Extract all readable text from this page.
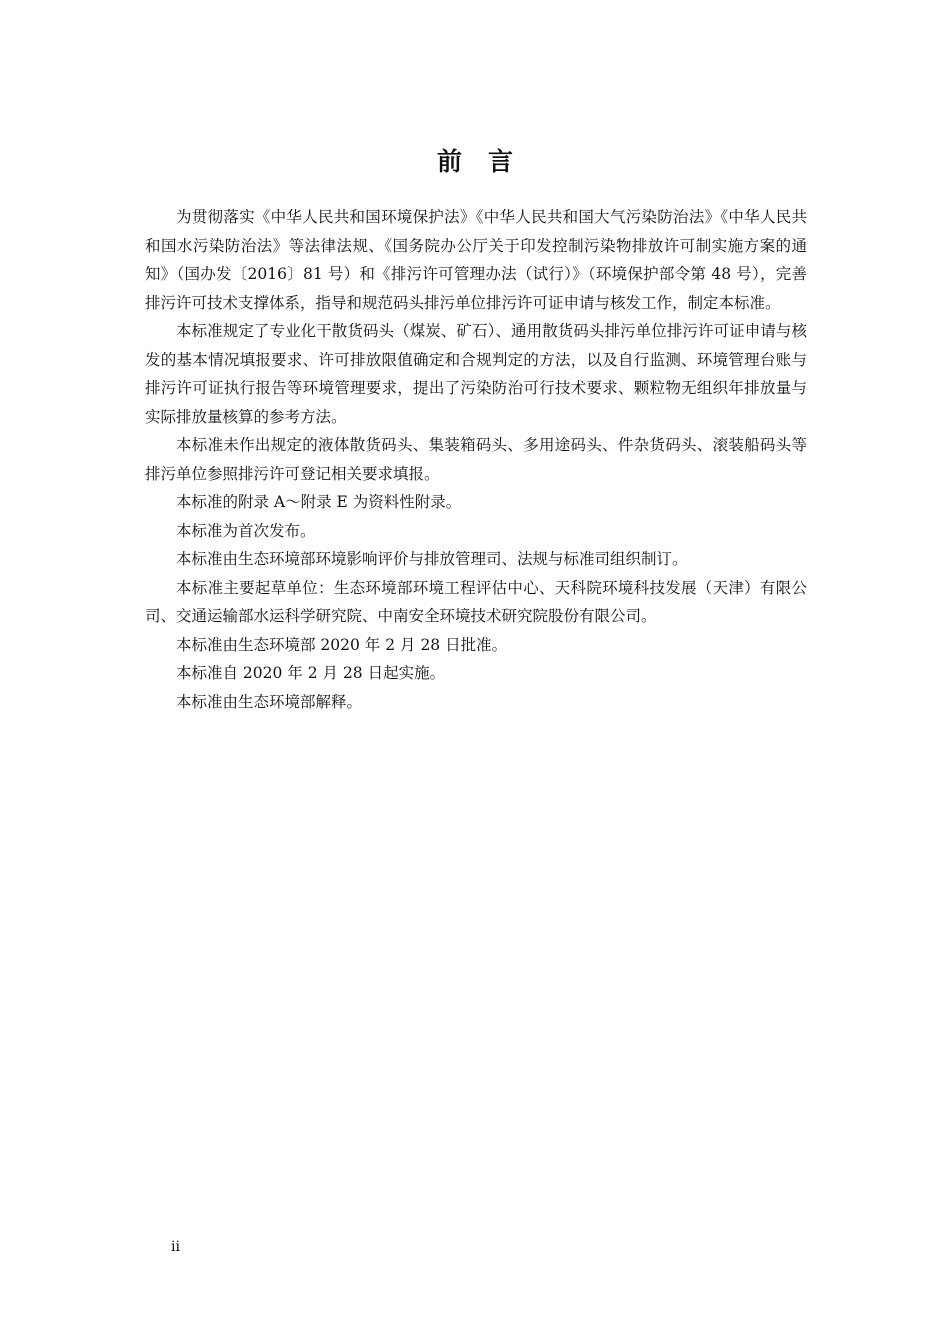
前言

为贯彻落实《中华人民共和国环境保护法》《中华人民共和国大气污染防治法》《中华人民共和国水污染防治法》等法律法规、《国务院办公厅关于印发控制污染物排放许可制实施方案的通知》（国办发〔2016〕81 号）和《排污许可管理办法（试行）》（环境保护部令第 48 号），完善排污许可技术支撑体系，指导和规范码头排污单位排污许可证申请与核发工作，制定本标准。

本标准规定了专业化干散货码头（煤炭、矿石）、通用散货码头排污单位排污许可证申请与核发的基本情况填报要求、许可排放限值确定和合规判定的方法，以及自行监测、环境管理台账与排污许可证执行报告等环境管理要求，提出了污染防治可行技术要求、颗粒物无组织年排放量与实际排放量核算的参考方法。

本标准未作出规定的液体散货码头、集装箱码头、多用途码头、件杂货码头、滚装船码头等排污单位参照排污许可登记相关要求填报。

本标准的附录 A～附录 E 为资料性附录。

本标准为首次发布。

本标准由生态环境部环境影响评价与排放管理司、法规与标准司组织制订。

本标准主要起草单位：生态环境部环境工程评估中心、天科院环境科技发展（天津）有限公司、交通运输部水运科学研究院、中南安全环境技术研究院股份有限公司。

本标准由生态环境部 2020 年 2 月 28 日批准。

本标准自 2020 年 2 月 28 日起实施。

本标准由生态环境部解释。

ii
